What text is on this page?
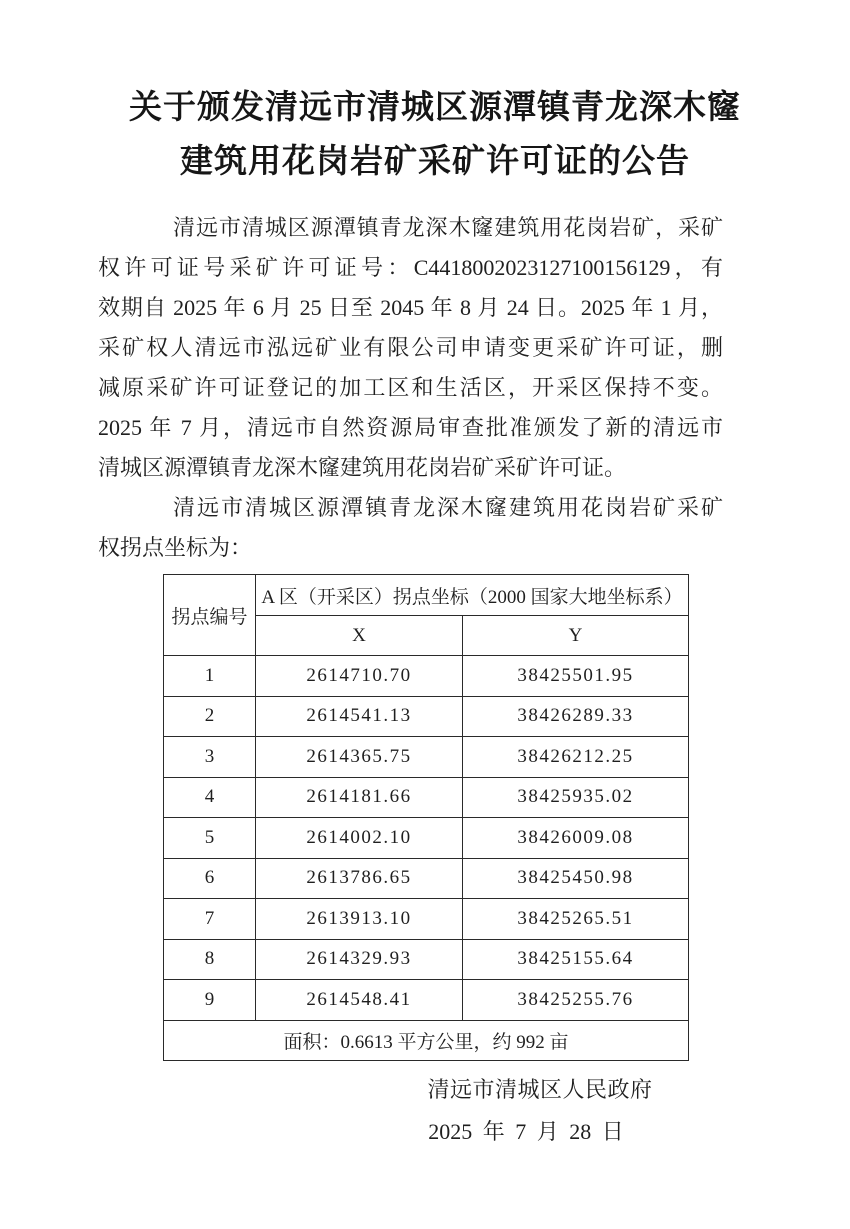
关于颁发清远市清城区源潭镇青龙深木窿
建筑用花岗岩矿采矿许可证的公告
清远市清城区源潭镇青龙深木窿建筑用花岗岩矿，采矿
权许可证号采矿许可证号：C4418002023127100156129，有
效期自 2025 年 6 月 25 日至 2045 年 8 月 24 日。2025 年 1 月，
采矿权人清远市泓远矿业有限公司申请变更采矿许可证，删
减原采矿许可证登记的加工区和生活区，开采区保持不变。
2025 年 7 月，清远市自然资源局审查批准颁发了新的清远市
清城区源潭镇青龙深木窿建筑用花岗岩矿采矿许可证。
清远市清城区源潭镇青龙深木窿建筑用花岗岩矿采矿
权拐点坐标为：
拐点编号	A 区（开采区）拐点坐标（2000 国家大地坐标系）	
	X	Y
1	2614710.70	38425501.95
2	2614541.13	38426289.33
3	2614365.75	38426212.25
4	2614181.66	38425935.02
5	2614002.10	38426009.08
6	2613786.65	38425450.98
7	2613913.10	38425265.51
8	2614329.93	38425155.64
9	2614548.41	38425255.76
面积：0.6613 平方公里，约 992 亩		
清远市清城区人民政府
2025 年 7 月 28 日
